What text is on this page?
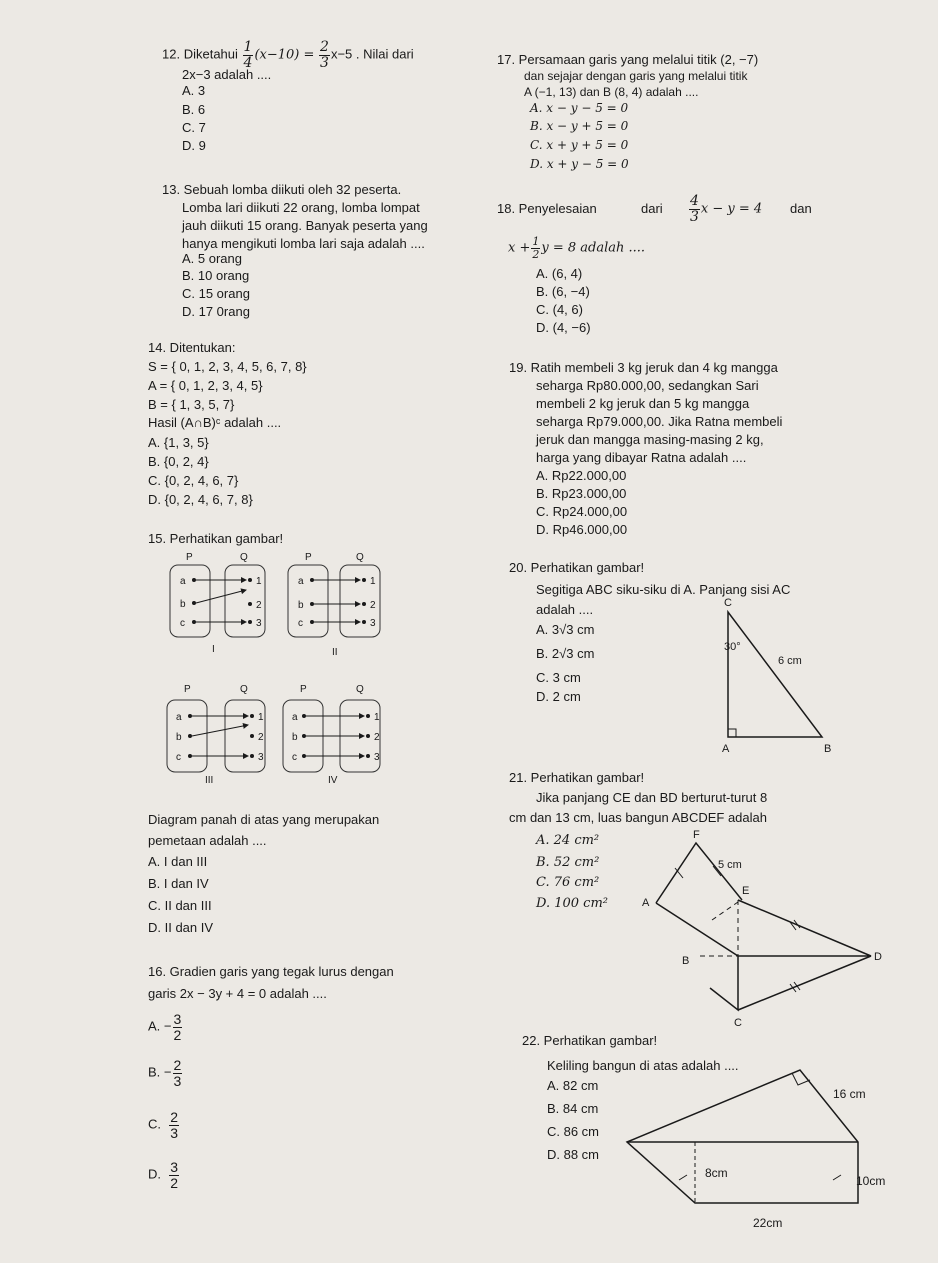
12. Diketahui $\frac{1}{4} (x-10) = \frac{2}{3} x-5$ . Nilai dari
2x−3 adalah ....
A. 3
B. 6
C. 7
D. 9
13. Sebuah lomba diikuti oleh 32 peserta.
Lomba lari diikuti 22 orang, lomba lompat
jauh diikuti 15 orang. Banyak peserta yang
hanya mengikuti lomba lari saja adalah ....
A. 5 orang
B. 10 orang
C. 15 orang
D. 17 0rang
14. Ditentukan:
S = { 0, 1, 2, 3, 4, 5, 6, 7, 8}
A = { 0, 1, 2, 3, 4, 5}
B = { 1, 3, 5, 7}
Hasil (A∩B)ᶜ adalah ....
A. {1, 3, 5}
B. {0, 2, 4}
C. {0, 2, 4, 6, 7}
D. {0, 2, 4, 6, 7, 8}
15. Perhatikan gambar!
P	Q
a
b
c
1
2
3
I
P	Q
a
b
c
1
2
3
II
P	Q
a
b
c
1
2
3
III
P	Q
a
b
c
1
2
3
IV
Diagram panah di atas yang merupakan
pemetaan adalah ....
A. I dan III
B. I dan IV
C. II dan III
D. II dan IV
16. Gradien garis yang tegak lurus dengan
garis 2x − 3y + 4 = 0 adalah ....
A. − $\frac{3}{2}$
B. − $\frac{2}{3}$
C. $\frac{2}{3}$
D. $\frac{3}{2}$
17. Persamaan garis yang melalui titik (2, −7)
dan sejajar dengan garis yang melalui titik
A (−1, 13) dan B (8, 4) adalah ....
A. x − y − 5 = 0
B. x − y + 5 = 0
C. x + y + 5 = 0
D. x + y − 5 = 0
18. Penyelesaian	dari $\frac{4}{3}$ x − y = 4 dan
$x + \frac{1}{2}$ y = 8 adalah ....
A. (6, 4)
B. (6, −4)
C. (4, 6)
D. (4, −6)
19. Ratih membeli 3 kg jeruk dan 4 kg mangga
seharga Rp80.000,00, sedangkan Sari
membeli 2 kg jeruk dan 5 kg mangga
seharga Rp79.000,00. Jika Ratna membeli
jeruk dan mangga masing-masing 2 kg,
harga yang dibayar Ratna adalah ....
A. Rp22.000,00
B. Rp23.000,00
C. Rp24.000,00
D. Rp46.000,00
20. Perhatikan gambar!
Segitiga ABC siku-siku di A. Panjang sisi AC
adalah ....
A. 3√3 cm
B. 2√3 cm
C. 3 cm
D. 2 cm
C
A	B
30°
6 cm
21. Perhatikan gambar!
Jika panjang CE dan BD berturut-turut 8
cm dan 13 cm, luas bangun ABCDEF adalah
A. 24 cm²
B. 52 cm²
C. 76 cm²
D. 100 cm²
F
E
A
B
C
D
5 cm
22. Perhatikan gambar!
Keliling bangun di atas adalah ....
A. 82 cm
B. 84 cm
C. 86 cm
D. 88 cm
16 cm
8cm
10cm
22cm
